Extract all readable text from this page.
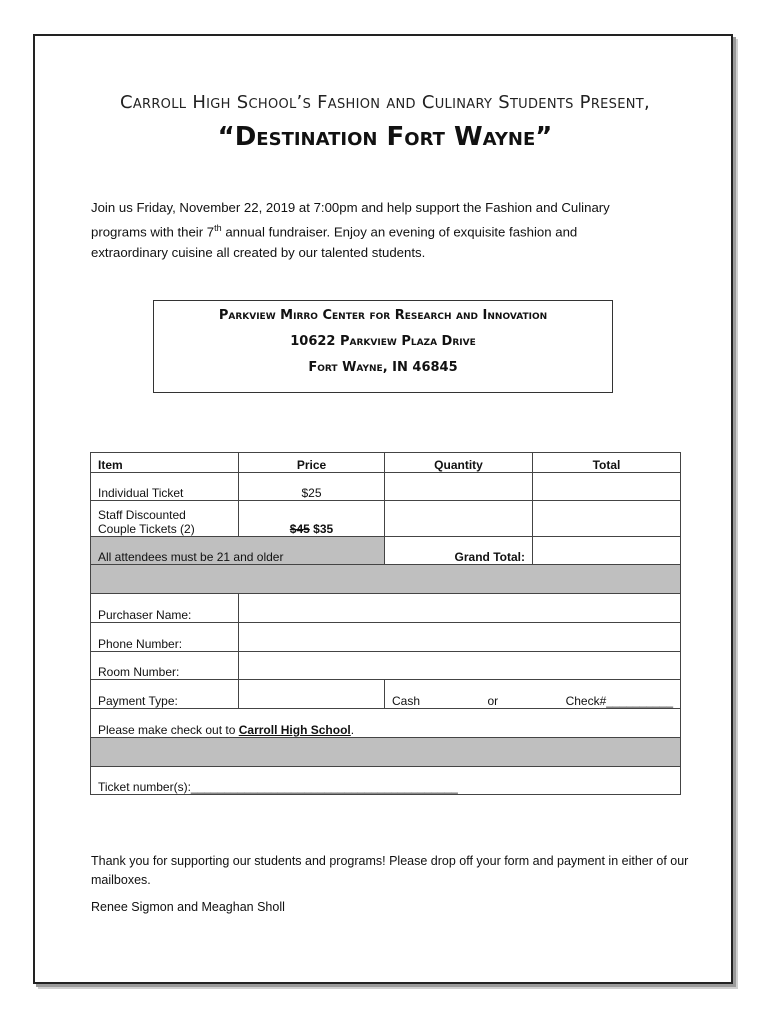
Carroll High School’s Fashion and Culinary Students Present,
“Destination Fort Wayne”
Join us Friday, November 22, 2019 at 7:00pm and help support the Fashion and Culinary programs with their 7th annual fundraiser. Enjoy an evening of exquisite fashion and extraordinary cuisine all created by our talented students.
Parkview Mirro Center for Research and Innovation
10622 Parkview Plaza Drive
Fort Wayne, IN 46845
Item	Price	Quantity	Total
Individual Ticket	$25		
Staff Discounted
Couple Tickets (2)	$45 $35		
All attendees must be 21 and older		Grand Total:	

Purchaser Name:			
Phone Number:			
Room Number:			
Payment Type:		Cash or Check#__________	

Please make check out to Carroll High School.			

Ticket number(s):________________________________________			
Thank you for supporting our students and programs! Please drop off your form and payment in either of our mailboxes.
Renee Sigmon and Meaghan Sholl
